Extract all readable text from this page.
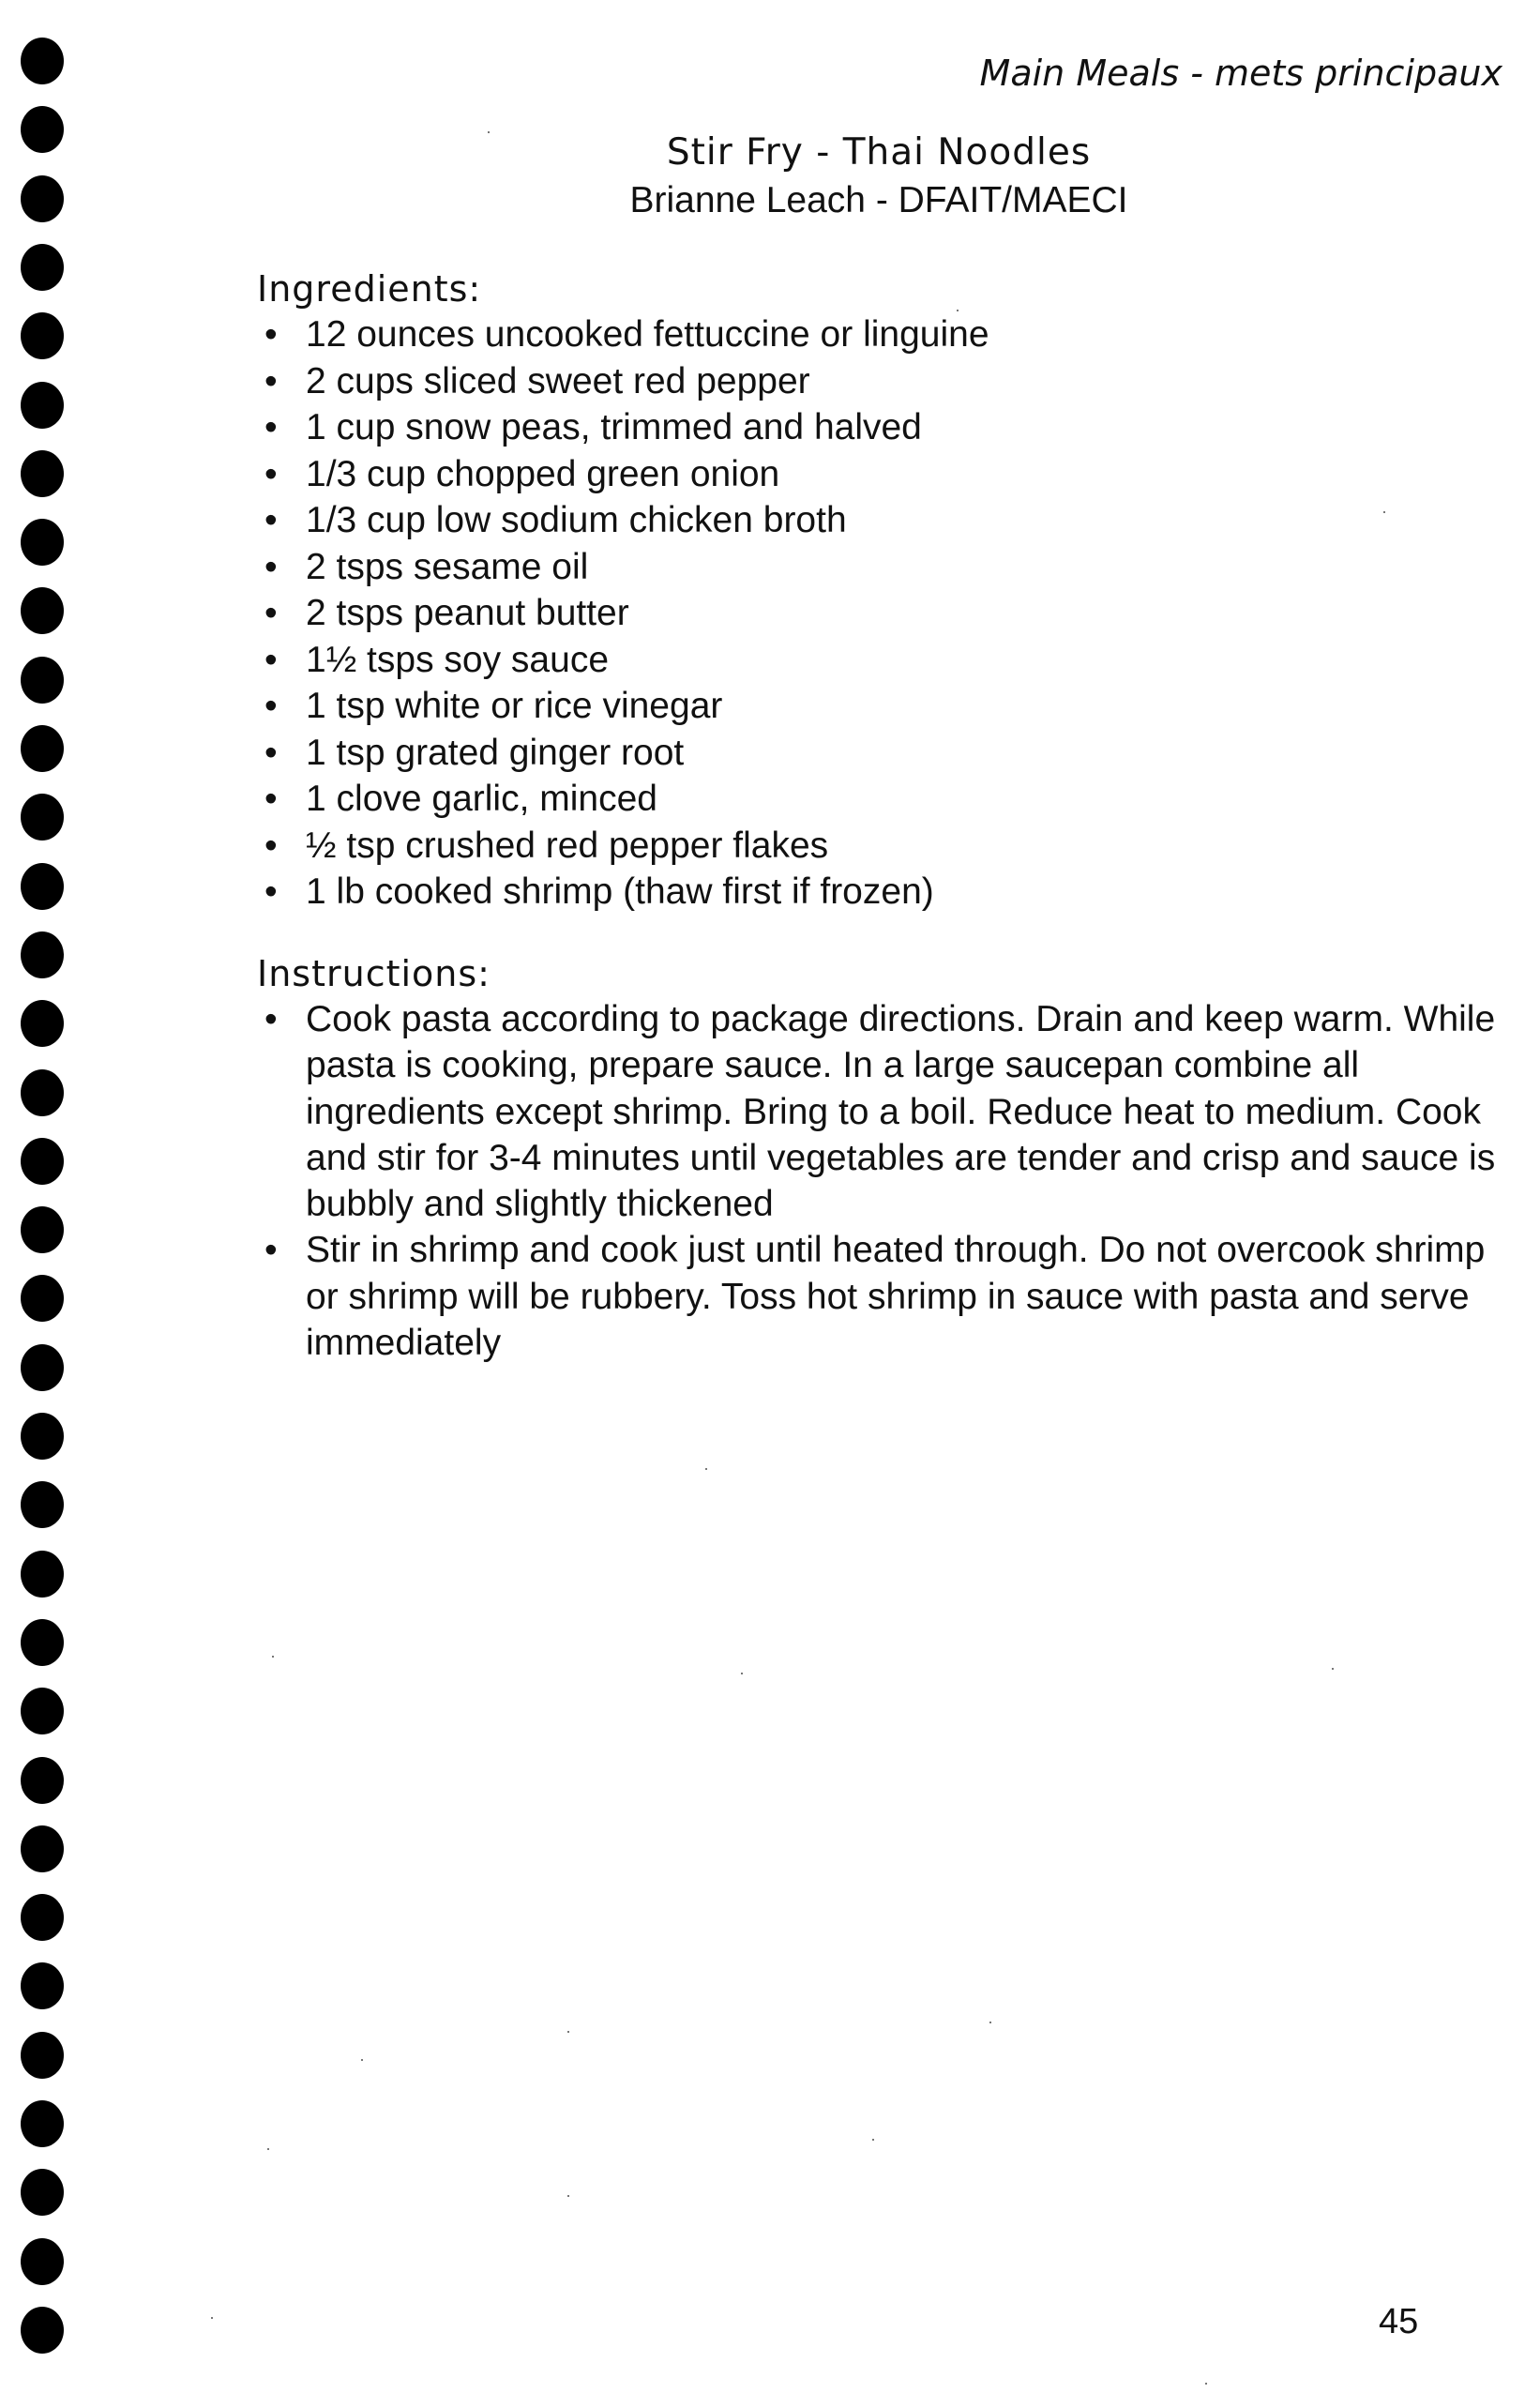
Main Meals - mets principaux
Stir Fry - Thai Noodles
Brianne Leach - DFAIT/MAECI
Ingredients:
• 12 ounces uncooked fettuccine or linguine
• 2 cups sliced sweet red pepper
• 1 cup snow peas, trimmed and halved
• 1/3 cup chopped green onion
• 1/3 cup low sodium chicken broth
• 2 tsps sesame oil
• 2 tsps peanut butter
• 1½ tsps soy sauce
• 1 tsp white or rice vinegar
• 1 tsp grated ginger root
• 1 clove garlic, minced
• ½ tsp crushed red pepper flakes
• 1 lb cooked shrimp (thaw first if frozen)
Instructions:
• Cook pasta according to package directions. Drain and keep warm. While pasta is cooking, prepare sauce. In a large saucepan combine all ingredients except shrimp. Bring to a boil. Reduce heat to medium. Cook and stir for 3-4 minutes until vegetables are tender and crisp and sauce is bubbly and slightly thickened
• Stir in shrimp and cook just until heated through. Do not overcook shrimp or shrimp will be rubbery. Toss hot shrimp in sauce with pasta and serve immediately
45
